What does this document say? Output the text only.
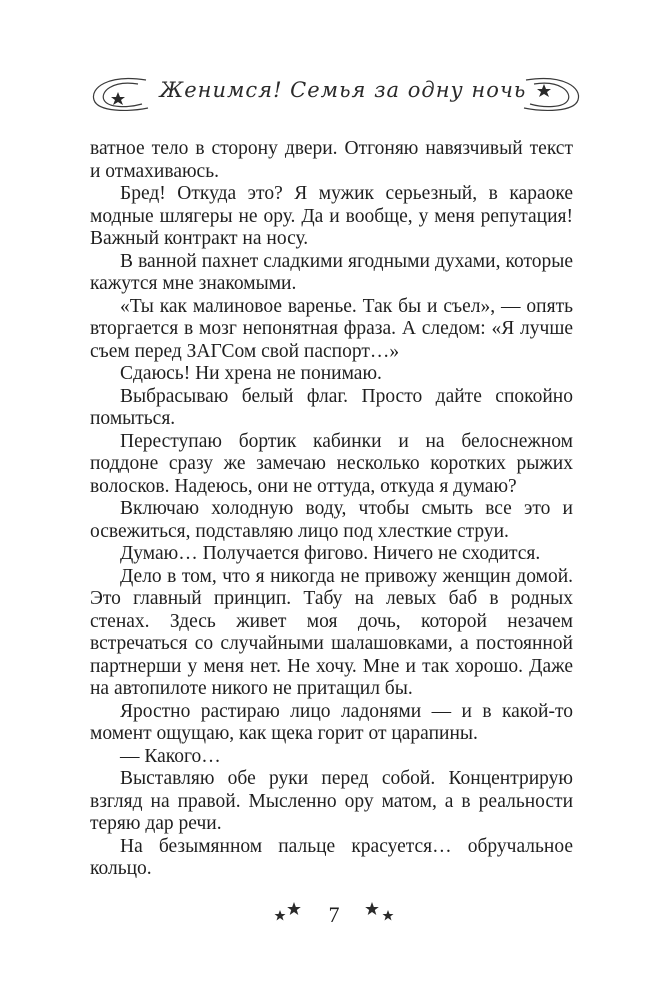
Женимся! Семья за одну ночь

ватное тело в сторону двери. Отгоняю навязчивый текст и отмахиваюсь.

Бред! Откуда это? Я мужик серьезный, в караоке модные шлягеры не ору. Да и вообще, у меня репутация! Важный контракт на носу.

В ванной пахнет сладкими ягодными духами, которые кажутся мне знакомыми.

«Ты как малиновое варенье. Так бы и съел», — опять вторгается в мозг непонятная фраза. А следом: «Я лучше съем перед ЗАГСом свой паспорт…»

Сдаюсь! Ни хрена не понимаю.

Выбрасываю белый флаг. Просто дайте спокойно помыться.

Переступаю бортик кабинки и на белоснежном поддоне сразу же замечаю несколько коротких рыжих волосков. Надеюсь, они не оттуда, откуда я думаю?

Включаю холодную воду, чтобы смыть все это и освежиться, подставляю лицо под хлесткие струи.

Думаю… Получается фигово. Ничего не сходится.

Дело в том, что я никогда не привожу женщин домой. Это главный принцип. Табу на левых баб в родных стенах. Здесь живет моя дочь, которой незачем встречаться со случайными шалашовками, а постоянной партнерши у меня нет. Не хочу. Мне и так хорошо. Даже на автопилоте никого не притащил бы.

Яростно растираю лицо ладонями — и в какой-то момент ощущаю, как щека горит от царапины.

— Какого…

Выставляю обе руки перед собой. Концентрирую взгляд на правой. Мысленно ору матом, а в реальности теряю дар речи.

На безымянном пальце красуется… обручальное кольцо.

7
